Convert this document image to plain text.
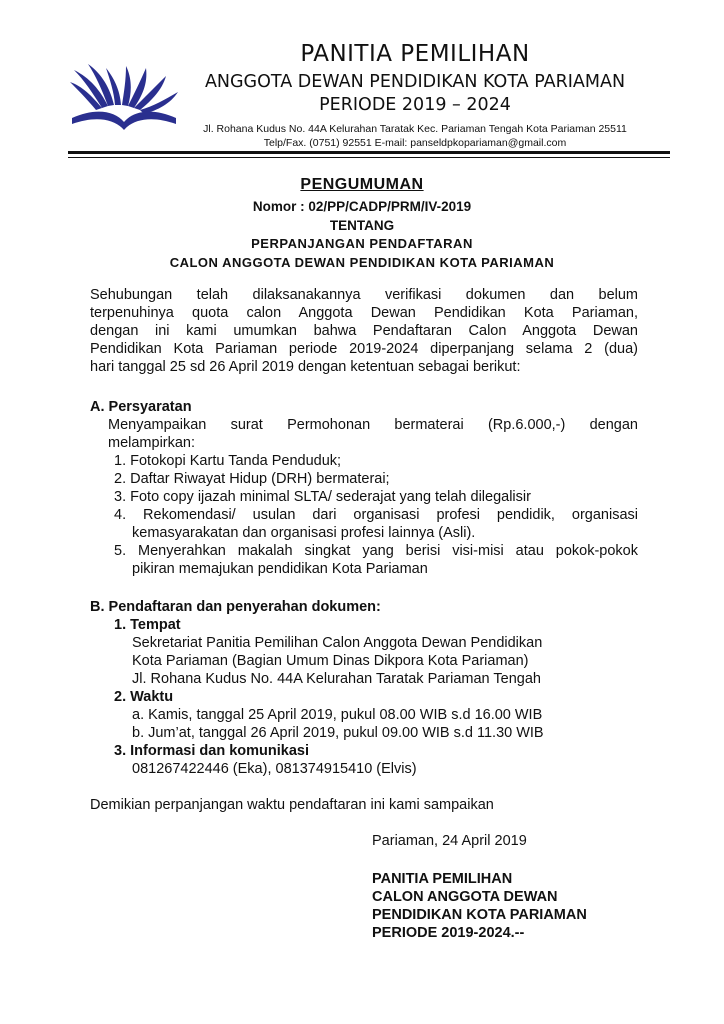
PANITIA PEMILIHAN
ANGGOTA DEWAN PENDIDIKAN KOTA PARIAMAN
PERIODE 2019 – 2024
Jl. Rohana Kudus No. 44A Kelurahan Taratak Kec. Pariaman Tengah Kota Pariaman 25511
Telp/Fax. (0751) 92551 E-mail: panseldpkopariaman@gmail.com
PENGUMUMAN
Nomor : 02/PP/CADP/PRM/IV-2019
TENTANG
PERPANJANGAN PENDAFTARAN
CALON ANGGOTA DEWAN PENDIDIKAN KOTA PARIAMAN
Sehubungan telah dilaksanakannya verifikasi dokumen dan belum
terpenuhinya quota calon Anggota Dewan Pendidikan Kota Pariaman,
dengan ini kami umumkan bahwa Pendaftaran Calon Anggota Dewan
Pendidikan Kota Pariaman periode 2019-2024 diperpanjang selama 2 (dua)
hari tanggal 25 sd 26 April 2019 dengan ketentuan sebagai berikut:
A. Persyaratan
Menyampaikan surat Permohonan bermaterai (Rp.6.000,-) dengan
melampirkan:
1. Fotokopi Kartu Tanda Penduduk;
2. Daftar Riwayat Hidup (DRH) bermaterai;
3. Foto copy ijazah minimal SLTA/ sederajat yang telah dilegalisir
4. Rekomendasi/ usulan dari organisasi profesi pendidik, organisasi
kemasyarakatan dan organisasi profesi lainnya (Asli).
5. Menyerahkan makalah singkat yang berisi visi-misi atau pokok-pokok
pikiran memajukan pendidikan Kota Pariaman
B. Pendaftaran dan penyerahan dokumen:
1. Tempat
Sekretariat Panitia Pemilihan Calon Anggota Dewan Pendidikan
Kota Pariaman (Bagian Umum Dinas Dikpora Kota Pariaman)
Jl. Rohana Kudus No. 44A Kelurahan Taratak Pariaman Tengah
2. Waktu
a. Kamis, tanggal 25 April 2019, pukul 08.00 WIB s.d 16.00 WIB
b. Jum’at, tanggal 26 April 2019, pukul 09.00 WIB s.d 11.30 WIB
3. Informasi dan komunikasi
081267422446 (Eka), 081374915410 (Elvis)
Demikian perpanjangan waktu pendaftaran ini kami sampaikan
Pariaman, 24 April 2019
PANITIA PEMILIHAN
CALON ANGGOTA DEWAN
PENDIDIKAN KOTA PARIAMAN
PERIODE 2019-2024.--
